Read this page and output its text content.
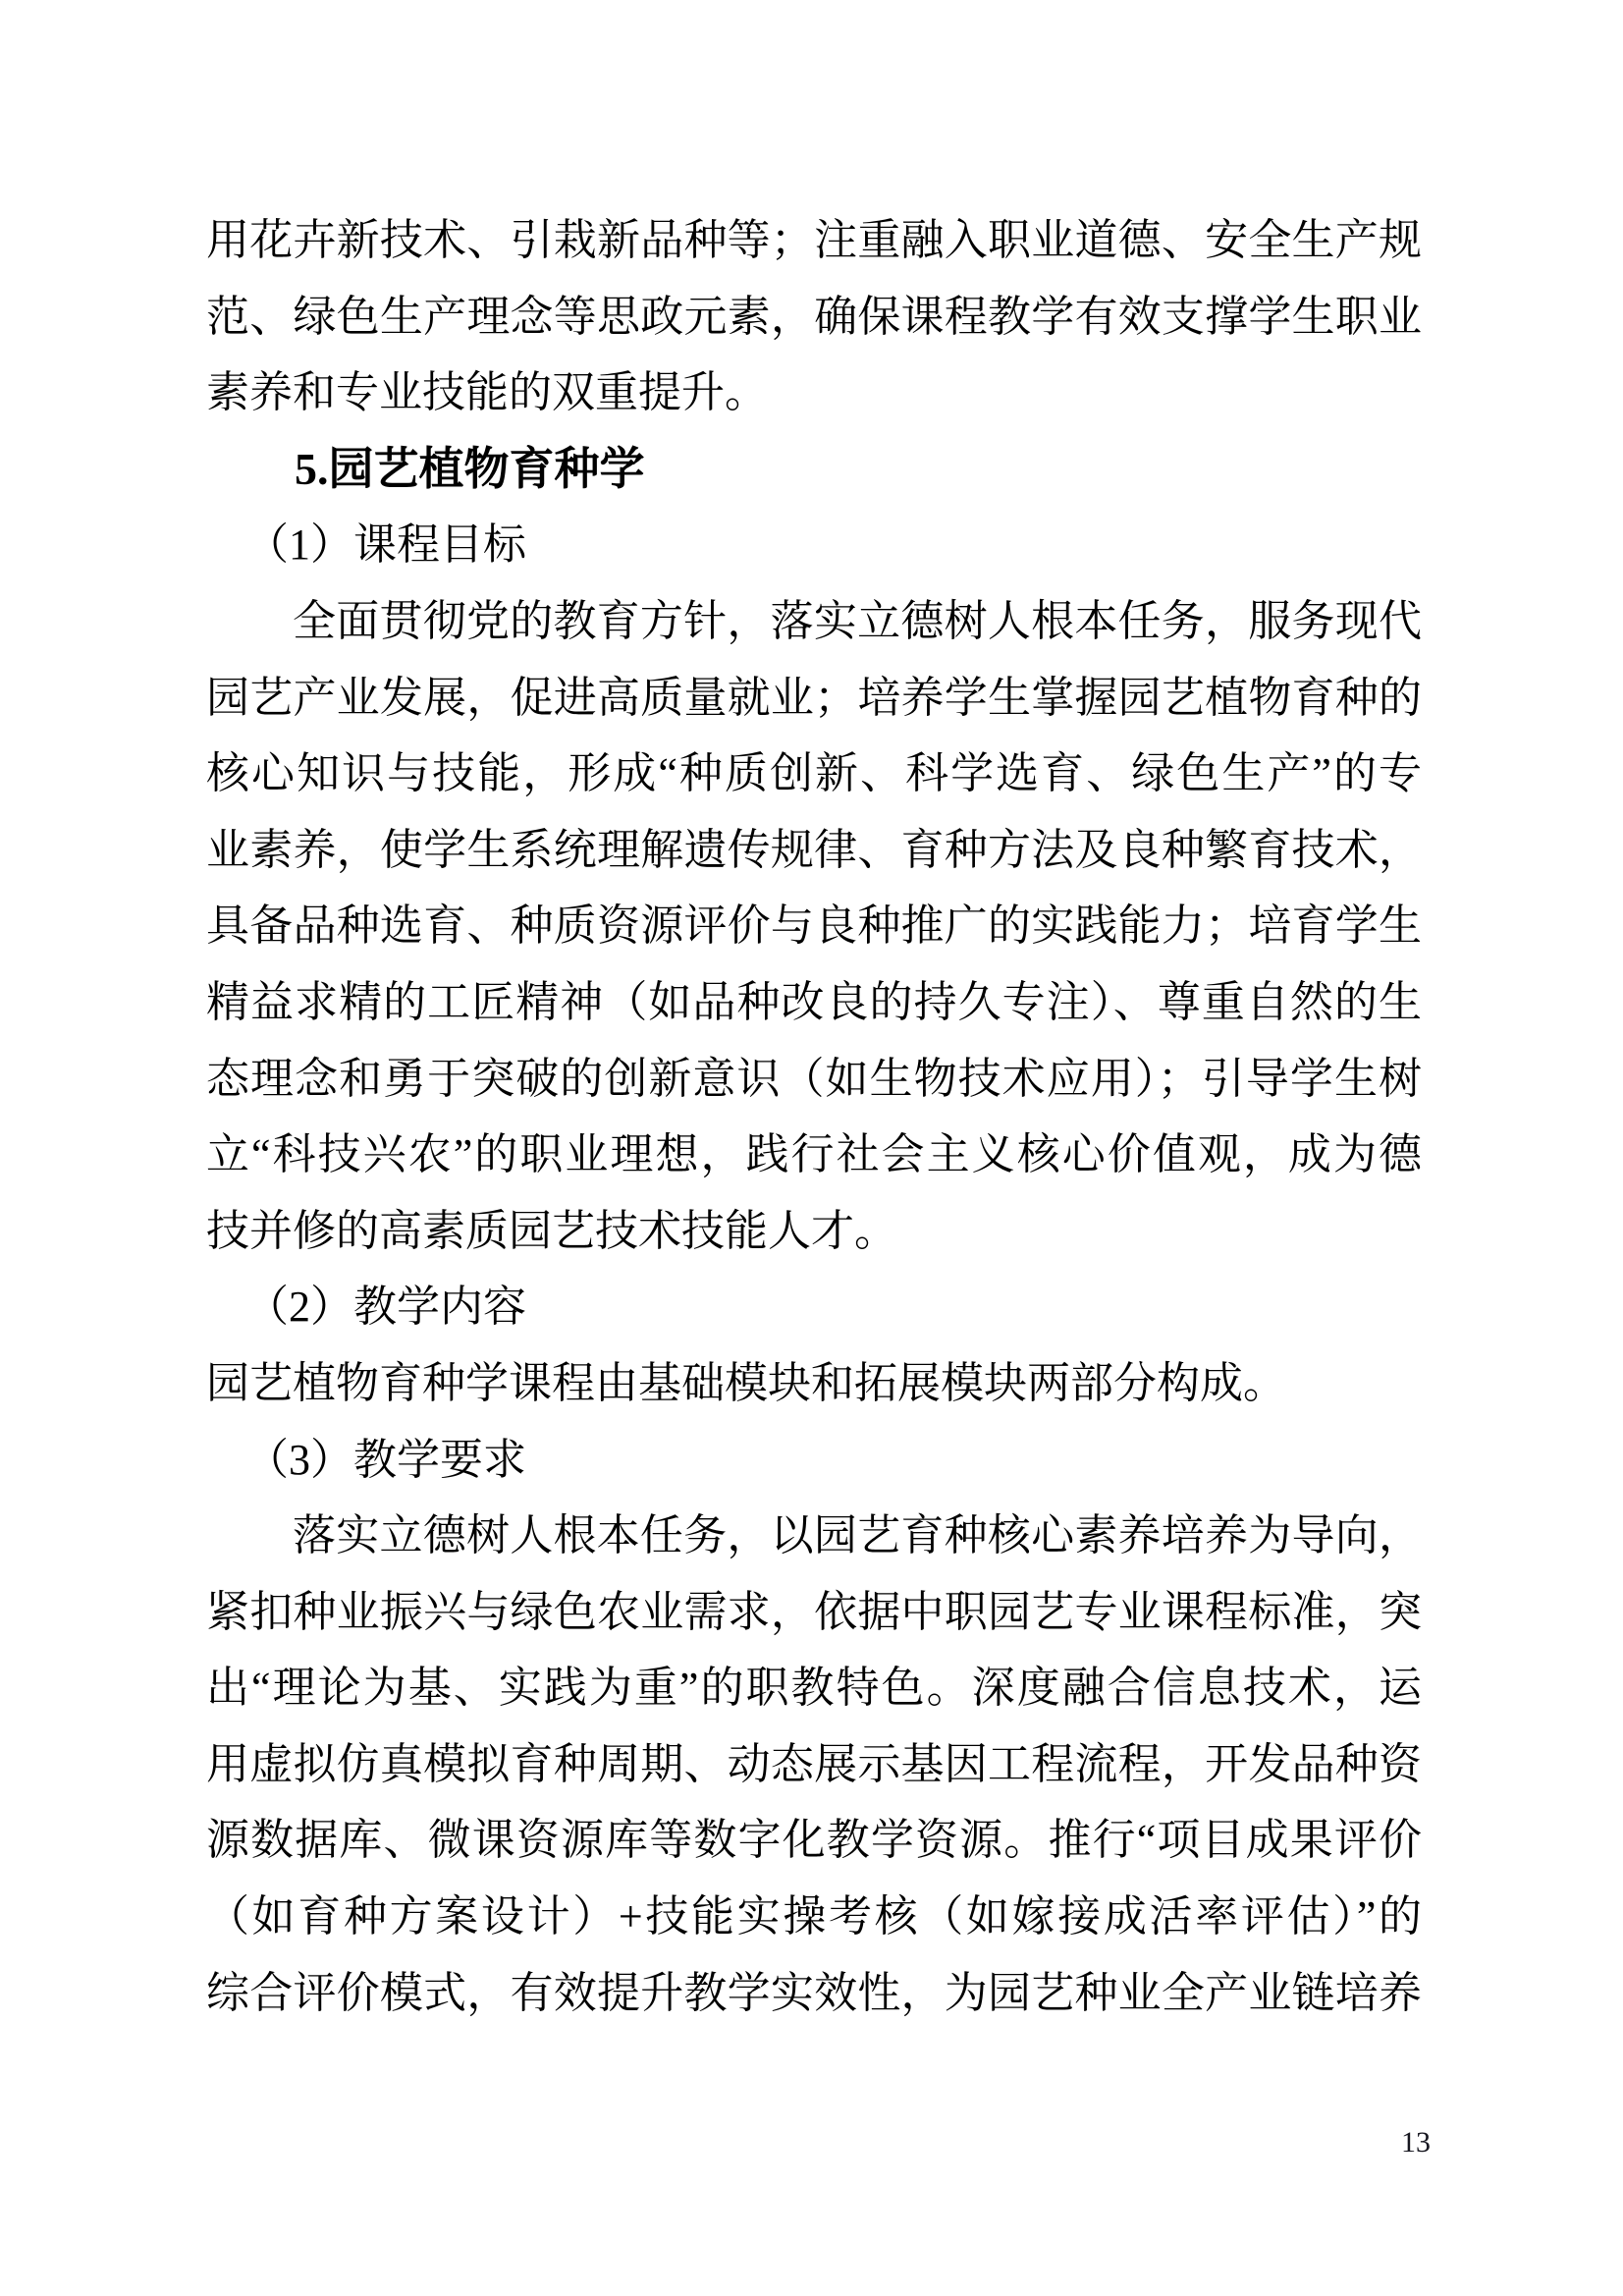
用花卉新技术、引栽新品种等；注重融入职业道德、安全生产规
范、绿色生产理念等思政元素，确保课程教学有效支撑学生职业
素养和专业技能的双重提升。
5.园艺植物育种学
（1）课程目标
全面贯彻党的教育方针，落实立德树人根本任务，服务现代
园艺产业发展，促进高质量就业；培养学生掌握园艺植物育种的
核心知识与技能，形成“种质创新、科学选育、绿色生产”的专
业素养，使学生系统理解遗传规律、育种方法及良种繁育技术，
具备品种选育、种质资源评价与良种推广的实践能力；培育学生
精益求精的工匠精神（如品种改良的持久专注）、尊重自然的生
态理念和勇于突破的创新意识（如生物技术应用）；引导学生树
立“科技兴农”的职业理想，践行社会主义核心价值观，成为德
技并修的高素质园艺技术技能人才。
（2）教学内容
园艺植物育种学课程由基础模块和拓展模块两部分构成。
（3）教学要求
落实立德树人根本任务，以园艺育种核心素养培养为导向，
紧扣种业振兴与绿色农业需求，依据中职园艺专业课程标准，突
出“理论为基、实践为重”的职教特色。深度融合信息技术，运
用虚拟仿真模拟育种周期、动态展示基因工程流程，开发品种资
源数据库、微课资源库等数字化教学资源。推行“项目成果评价
（如育种方案设计）+技能实操考核（如嫁接成活率评估）”的
综合评价模式，有效提升教学实效性，为园艺种业全产业链培养
13
